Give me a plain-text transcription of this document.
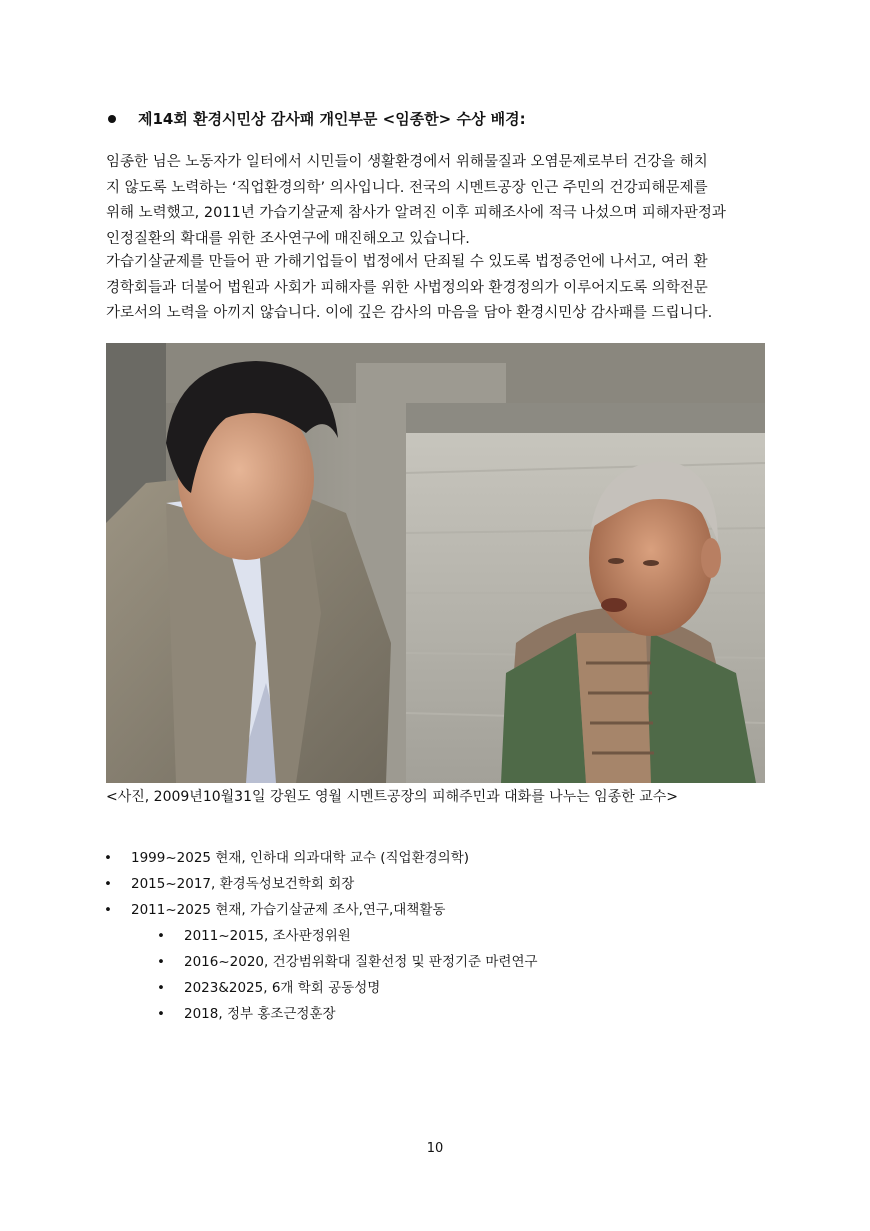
제14회 환경시민상 감사패 개인부문 <임종한> 수상 배경:
임종한 님은 노동자가 일터에서 시민들이 생활환경에서 위해물질과 오염문제로부터 건강을 해치
지 않도록 노력하는 ‘직업환경의학’ 의사입니다. 전국의 시멘트공장 인근 주민의 건강피해문제를
위해 노력했고, 2011년 가습기살균제 참사가 알려진 이후 피해조사에 적극 나섰으며 피해자판정과
인정질환의 확대를 위한 조사연구에 매진해오고 있습니다.
가습기살균제를 만들어 판 가해기업들이 법정에서 단죄될 수 있도록 법정증언에 나서고, 여러 환
경학회들과 더불어 법원과 사회가 피해자를 위한 사법정의와 환경정의가 이루어지도록 의학전문
가로서의 노력을 아끼지 않습니다. 이에 깊은 감사의 마음을 담아 환경시민상 감사패를 드립니다.
<사진, 2009년10월31일 강원도 영월 시멘트공장의 피해주민과 대화를 나누는 임종한 교수>
• 1999~2025 현재, 인하대 의과대학 교수 (직업환경의학)
• 2015~2017, 환경독성보건학회 회장
• 2011~2025 현재, 가습기살균제 조사,연구,대책활동
• 2011~2015, 조사판정위원
• 2016~2020, 건강범위확대 질환선정 및 판정기준 마련연구
• 2023&2025, 6개 학회 공동성명
• 2018, 정부 홍조근정훈장
10
